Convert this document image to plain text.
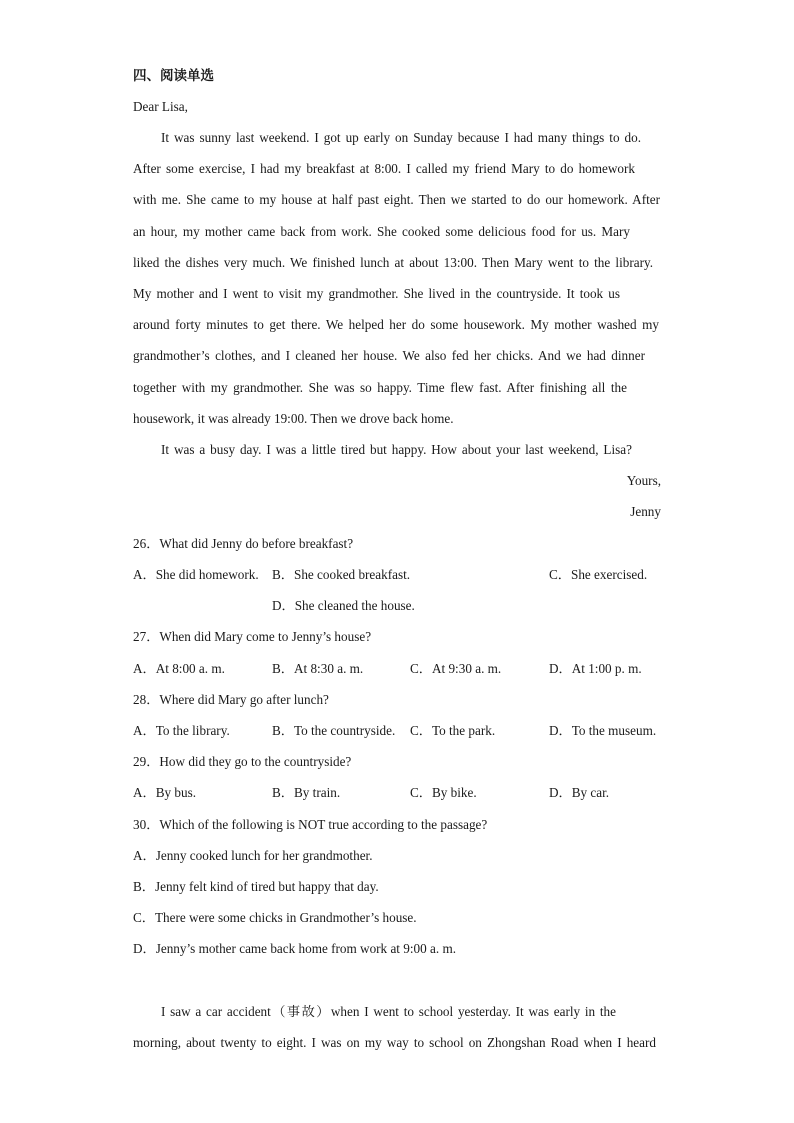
四、阅读单选
Dear Lisa,
It was sunny last weekend. I got up early on Sunday because I had many things to do.
After some exercise, I had my breakfast at 8:00. I called my friend Mary to do homework
with me. She came to my house at half past eight. Then we started to do our homework. After
an hour, my mother came back from work. She cooked some delicious food for us. Mary
liked the dishes very much. We finished lunch at about 13:00. Then Mary went to the library.
My mother and I went to visit my grandmother. She lived in the countryside. It took us
around forty minutes to get there. We helped her do some housework. My mother washed my
grandmother’s clothes, and I cleaned her house. We also fed her chicks. And we had dinner
together with my grandmother. She was so happy. Time flew fast. After finishing all the
housework, it was already 19:00. Then we drove back home.
It was a busy day. I was a little tired but happy. How about your last weekend, Lisa?
Yours,
Jenny
26．What did Jenny do before breakfast?
A．She did homework. B．She cooked breakfast.	C．She exercised.
D．She cleaned the house.
27．When did Mary come to Jenny’s house?
A．At 8:00 a. m.	B．At 8:30 a. m.	C．At 9:30 a. m.	D．At 1:00 p. m.
28．Where did Mary go after lunch?
A．To the library.	B．To the countryside. C．To the park.	D．To the museum.
29．How did they go to the countryside?
A．By bus.	B．By train.	C．By bike.	D．By car.
30．Which of the following is NOT true according to the passage?
A．Jenny cooked lunch for her grandmother.
B．Jenny felt kind of tired but happy that day.
C．There were some chicks in Grandmother’s house.
D．Jenny’s mother came back home from work at 9:00 a. m.
I saw a car accident（事故）when I went to school yesterday. It was early in the
morning, about twenty to eight. I was on my way to school on Zhongshan Road when I heard
